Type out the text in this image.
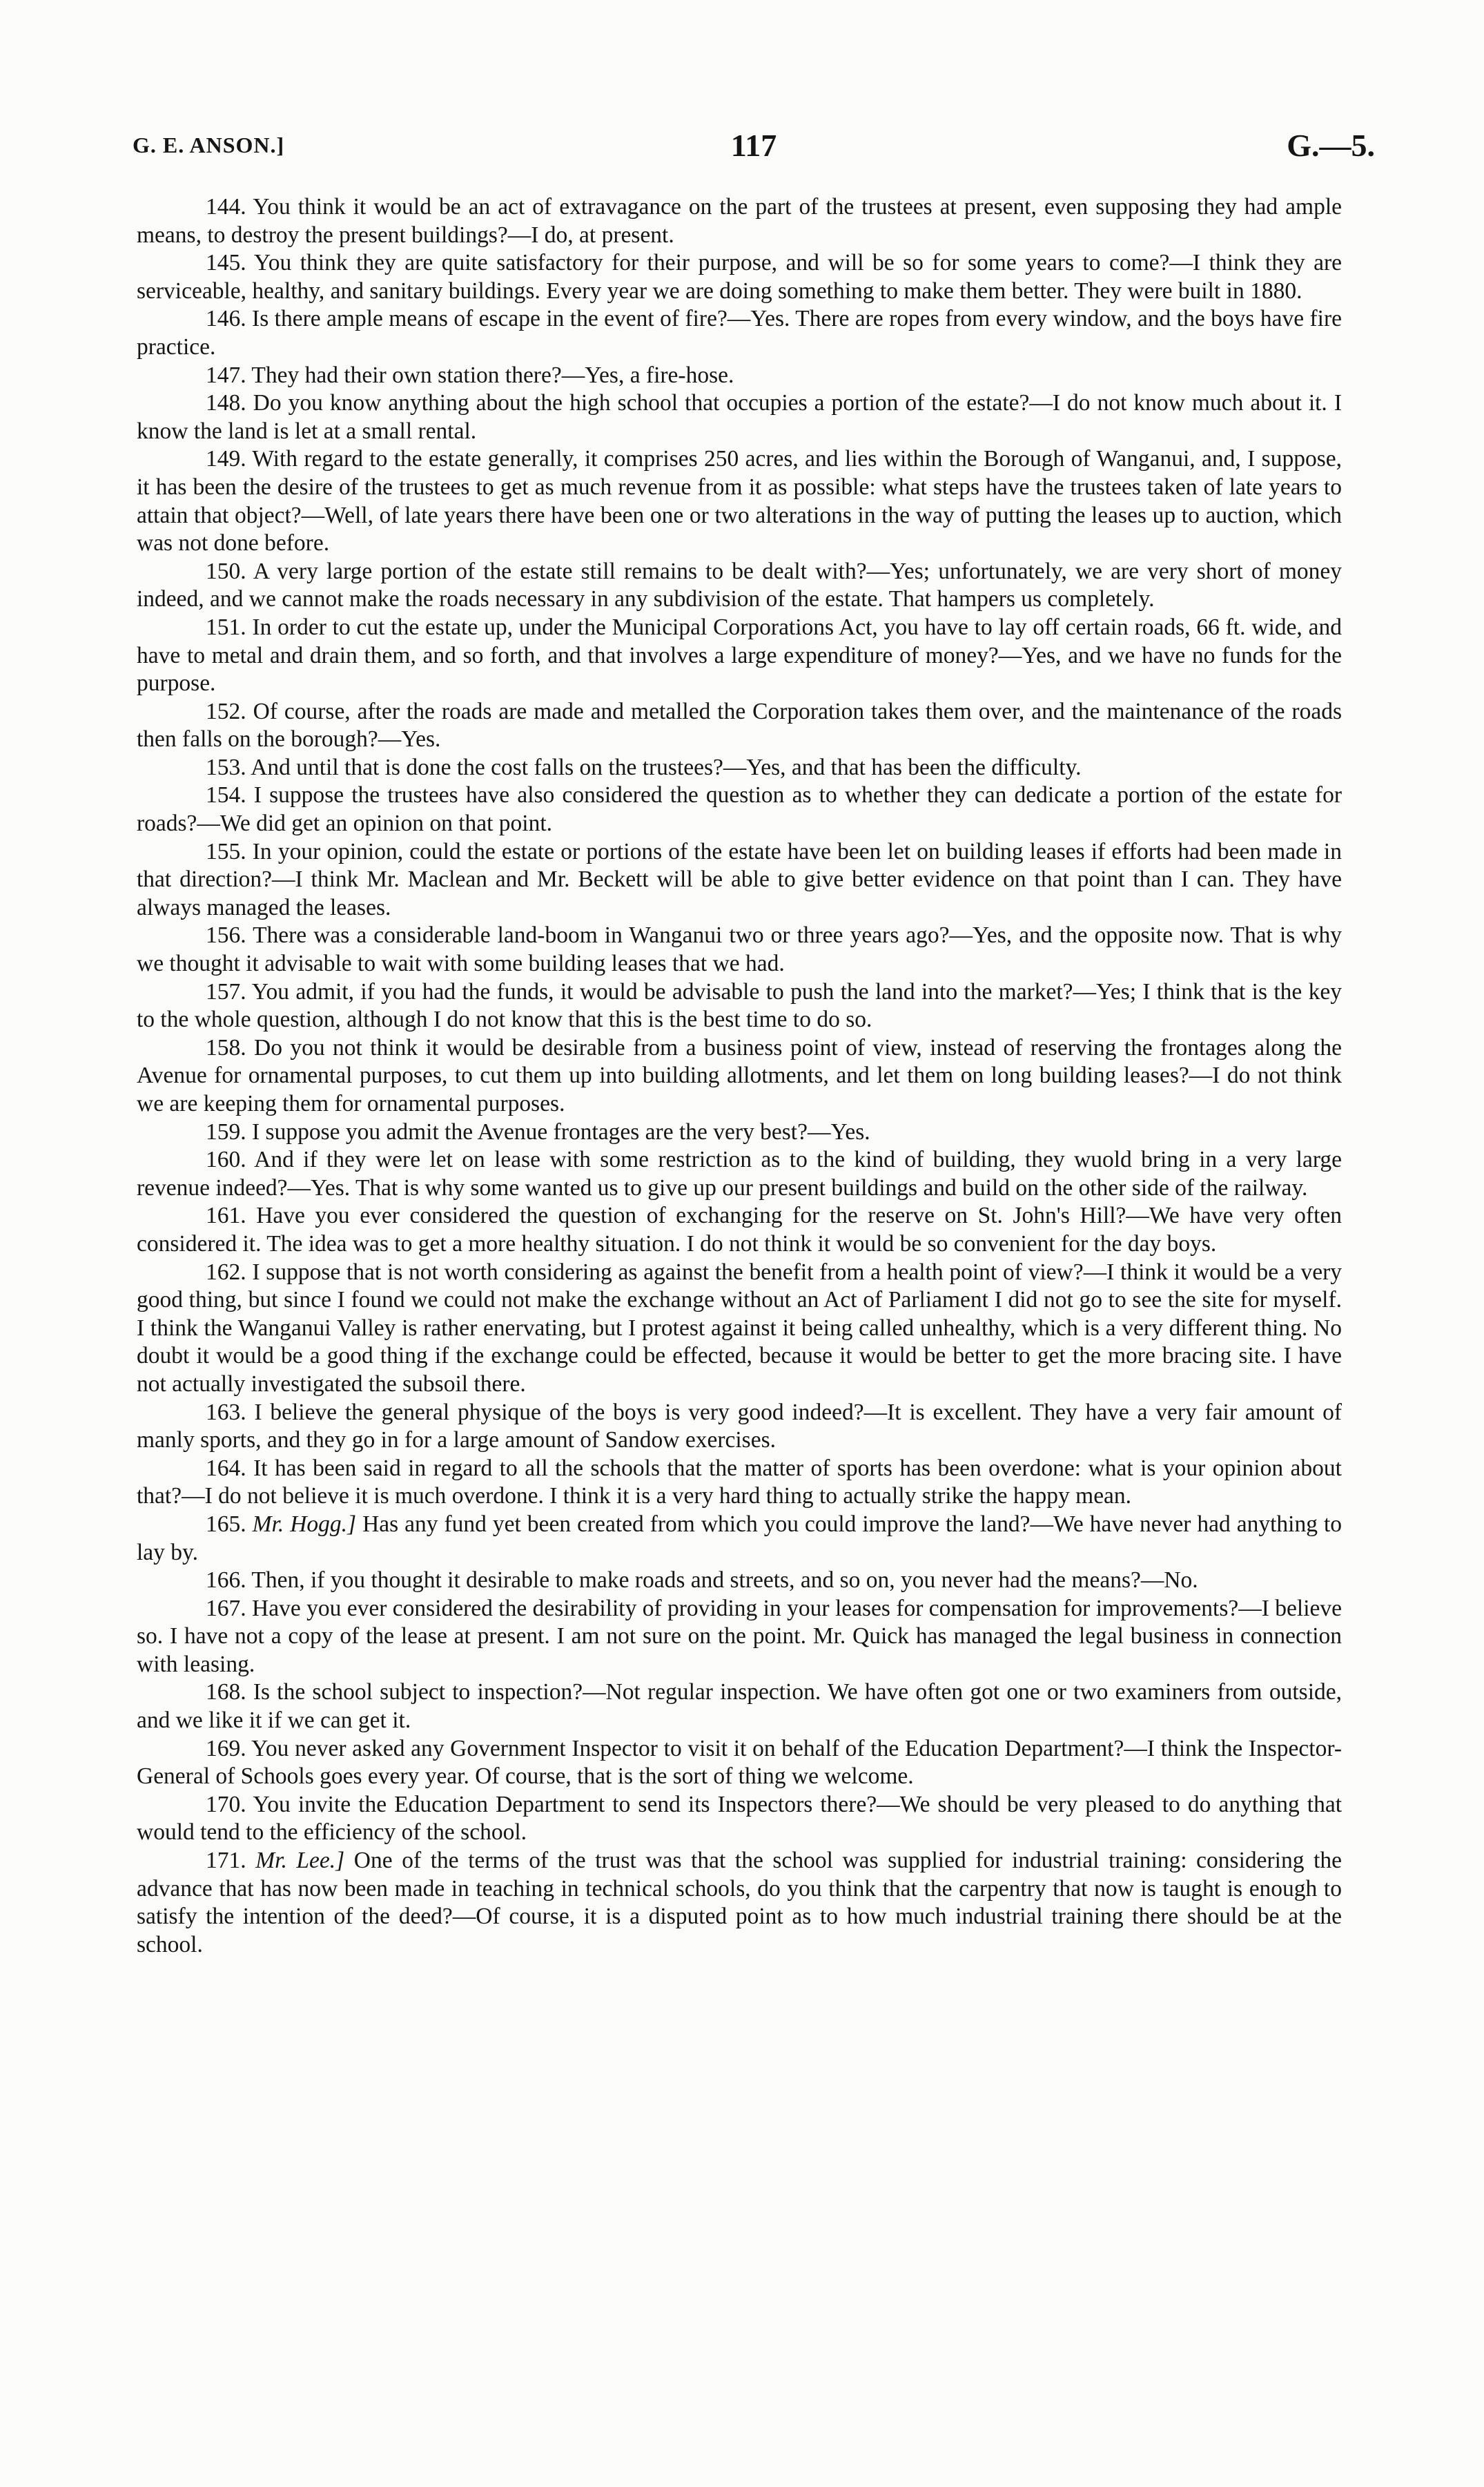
G. E. ANSON.]	117	G.—5.

144. You think it would be an act of extravagance on the part of the trustees at present, even supposing they had ample means, to destroy the present buildings?—I do, at present.

145. You think they are quite satisfactory for their purpose, and will be so for some years to come?—I think they are serviceable, healthy, and sanitary buildings. Every year we are doing something to make them better. They were built in 1880.

146. Is there ample means of escape in the event of fire?—Yes. There are ropes from every window, and the boys have fire practice.

147. They had their own station there?—Yes, a fire-hose.

148. Do you know anything about the high school that occupies a portion of the estate?—I do not know much about it. I know the land is let at a small rental.

149. With regard to the estate generally, it comprises 250 acres, and lies within the Borough of Wanganui, and, I suppose, it has been the desire of the trustees to get as much revenue from it as possible: what steps have the trustees taken of late years to attain that object?—Well, of late years there have been one or two alterations in the way of putting the leases up to auction, which was not done before.

150. A very large portion of the estate still remains to be dealt with?—Yes; unfortunately, we are very short of money indeed, and we cannot make the roads necessary in any subdivision of the estate. That hampers us completely.

151. In order to cut the estate up, under the Municipal Corporations Act, you have to lay off certain roads, 66 ft. wide, and have to metal and drain them, and so forth, and that involves a large expenditure of money?—Yes, and we have no funds for the purpose.

152. Of course, after the roads are made and metalled the Corporation takes them over, and the maintenance of the roads then falls on the borough?—Yes.

153. And until that is done the cost falls on the trustees?—Yes, and that has been the difficulty.

154. I suppose the trustees have also considered the question as to whether they can dedicate a portion of the estate for roads?—We did get an opinion on that point.

155. In your opinion, could the estate or portions of the estate have been let on building leases if efforts had been made in that direction?—I think Mr. Maclean and Mr. Beckett will be able to give better evidence on that point than I can. They have always managed the leases.

156. There was a considerable land-boom in Wanganui two or three years ago?—Yes, and the opposite now. That is why we thought it advisable to wait with some building leases that we had.

157. You admit, if you had the funds, it would be advisable to push the land into the market?—Yes; I think that is the key to the whole question, although I do not know that this is the best time to do so.

158. Do you not think it would be desirable from a business point of view, instead of reserving the frontages along the Avenue for ornamental purposes, to cut them up into building allotments, and let them on long building leases?—I do not think we are keeping them for ornamental purposes.

159. I suppose you admit the Avenue frontages are the very best?—Yes.

160. And if they were let on lease with some restriction as to the kind of building, they wuold bring in a very large revenue indeed?—Yes. That is why some wanted us to give up our present buildings and build on the other side of the railway.

161. Have you ever considered the question of exchanging for the reserve on St. John's Hill?—We have very often considered it. The idea was to get a more healthy situation. I do not think it would be so convenient for the day boys.

162. I suppose that is not worth considering as against the benefit from a health point of view?—I think it would be a very good thing, but since I found we could not make the exchange without an Act of Parliament I did not go to see the site for myself. I think the Wanganui Valley is rather enervating, but I protest against it being called unhealthy, which is a very different thing. No doubt it would be a good thing if the exchange could be effected, because it would be better to get the more bracing site. I have not actually investigated the subsoil there.

163. I believe the general physique of the boys is very good indeed?—It is excellent. They have a very fair amount of manly sports, and they go in for a large amount of Sandow exercises.

164. It has been said in regard to all the schools that the matter of sports has been overdone: what is your opinion about that?—I do not believe it is much overdone. I think it is a very hard thing to actually strike the happy mean.

165. Mr. Hogg.] Has any fund yet been created from which you could improve the land?—We have never had anything to lay by.

166. Then, if you thought it desirable to make roads and streets, and so on, you never had the means?—No.

167. Have you ever considered the desirability of providing in your leases for compensation for improvements?—I believe so. I have not a copy of the lease at present. I am not sure on the point. Mr. Quick has managed the legal business in connection with leasing.

168. Is the school subject to inspection?—Not regular inspection. We have often got one or two examiners from outside, and we like it if we can get it.

169. You never asked any Government Inspector to visit it on behalf of the Education Department?—I think the Inspector-General of Schools goes every year. Of course, that is the sort of thing we welcome.

170. You invite the Education Department to send its Inspectors there?—We should be very pleased to do anything that would tend to the efficiency of the school.

171. Mr. Lee.] One of the terms of the trust was that the school was supplied for industrial training: considering the advance that has now been made in teaching in technical schools, do you think that the carpentry that now is taught is enough to satisfy the intention of the deed?—Of course, it is a disputed point as to how much industrial training there should be at the school.
